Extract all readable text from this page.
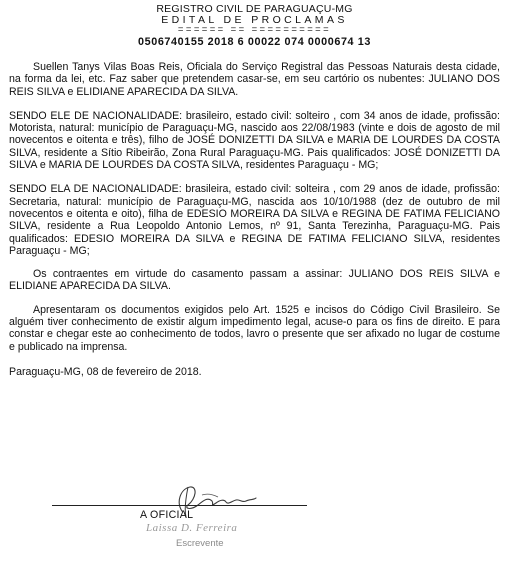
REGISTRO CIVIL DE PARAGUAÇU-MG
EDITAL DE PROCLAMAS
====== == ==========
0506740155 2018 6 00022 074 0000674 13

Suellen Tanys Vilas Boas Reis, Oficiala do Serviço Registral das Pessoas Naturais desta cidade, na forma da lei, etc. Faz saber que pretendem casar-se, em seu cartório os nubentes: JULIANO DOS REIS SILVA e ELIDIANE APARECIDA DA SILVA.

SENDO ELE DE NACIONALIDADE: brasileiro, estado civil: solteiro , com 34 anos de idade, profissão: Motorista, natural: município de Paraguaçu-MG, nascido aos 22/08/1983 (vinte e dois de agosto de mil novecentos e oitenta e três), filho de JOSÉ DONIZETTI DA SILVA e MARIA DE LOURDES DA COSTA SILVA, residente a Sítio Ribeirão, Zona Rural Paraguaçu-MG. Pais qualificados: JOSÉ DONIZETTI DA SILVA e MARIA DE LOURDES DA COSTA SILVA, residentes Paraguaçu - MG;

SENDO ELA DE NACIONALIDADE: brasileira, estado civil: solteira , com 29 anos de idade, profissão: Secretaria, natural: município de Paraguaçu-MG, nascida aos 10/10/1988 (dez de outubro de mil novecentos e oitenta e oito), filha de EDESIO MOREIRA DA SILVA e REGINA DE FATIMA FELICIANO SILVA, residente a Rua Leopoldo Antonio Lemos, nº 91, Santa Terezinha, Paraguaçu-MG. Pais qualificados: EDESIO MOREIRA DA SILVA e REGINA DE FATIMA FELICIANO SILVA, residentes Paraguaçu - MG;

Os contraentes em virtude do casamento passam a assinar: JULIANO DOS REIS SILVA e ELIDIANE APARECIDA DA SILVA.

Apresentaram os documentos exigidos pelo Art. 1525 e incisos do Código Civil Brasileiro. Se alguém tiver conhecimento de existir algum impedimento legal, acuse-o para os fins de direito. E para constar e chegar este ao conhecimento de todos, lavro o presente que ser afixado no lugar de costume e publicado na imprensa.

Paraguaçu-MG, 08 de fevereiro de 2018.
A OFICIAL
Laissa D. Ferreira
Escrevente
